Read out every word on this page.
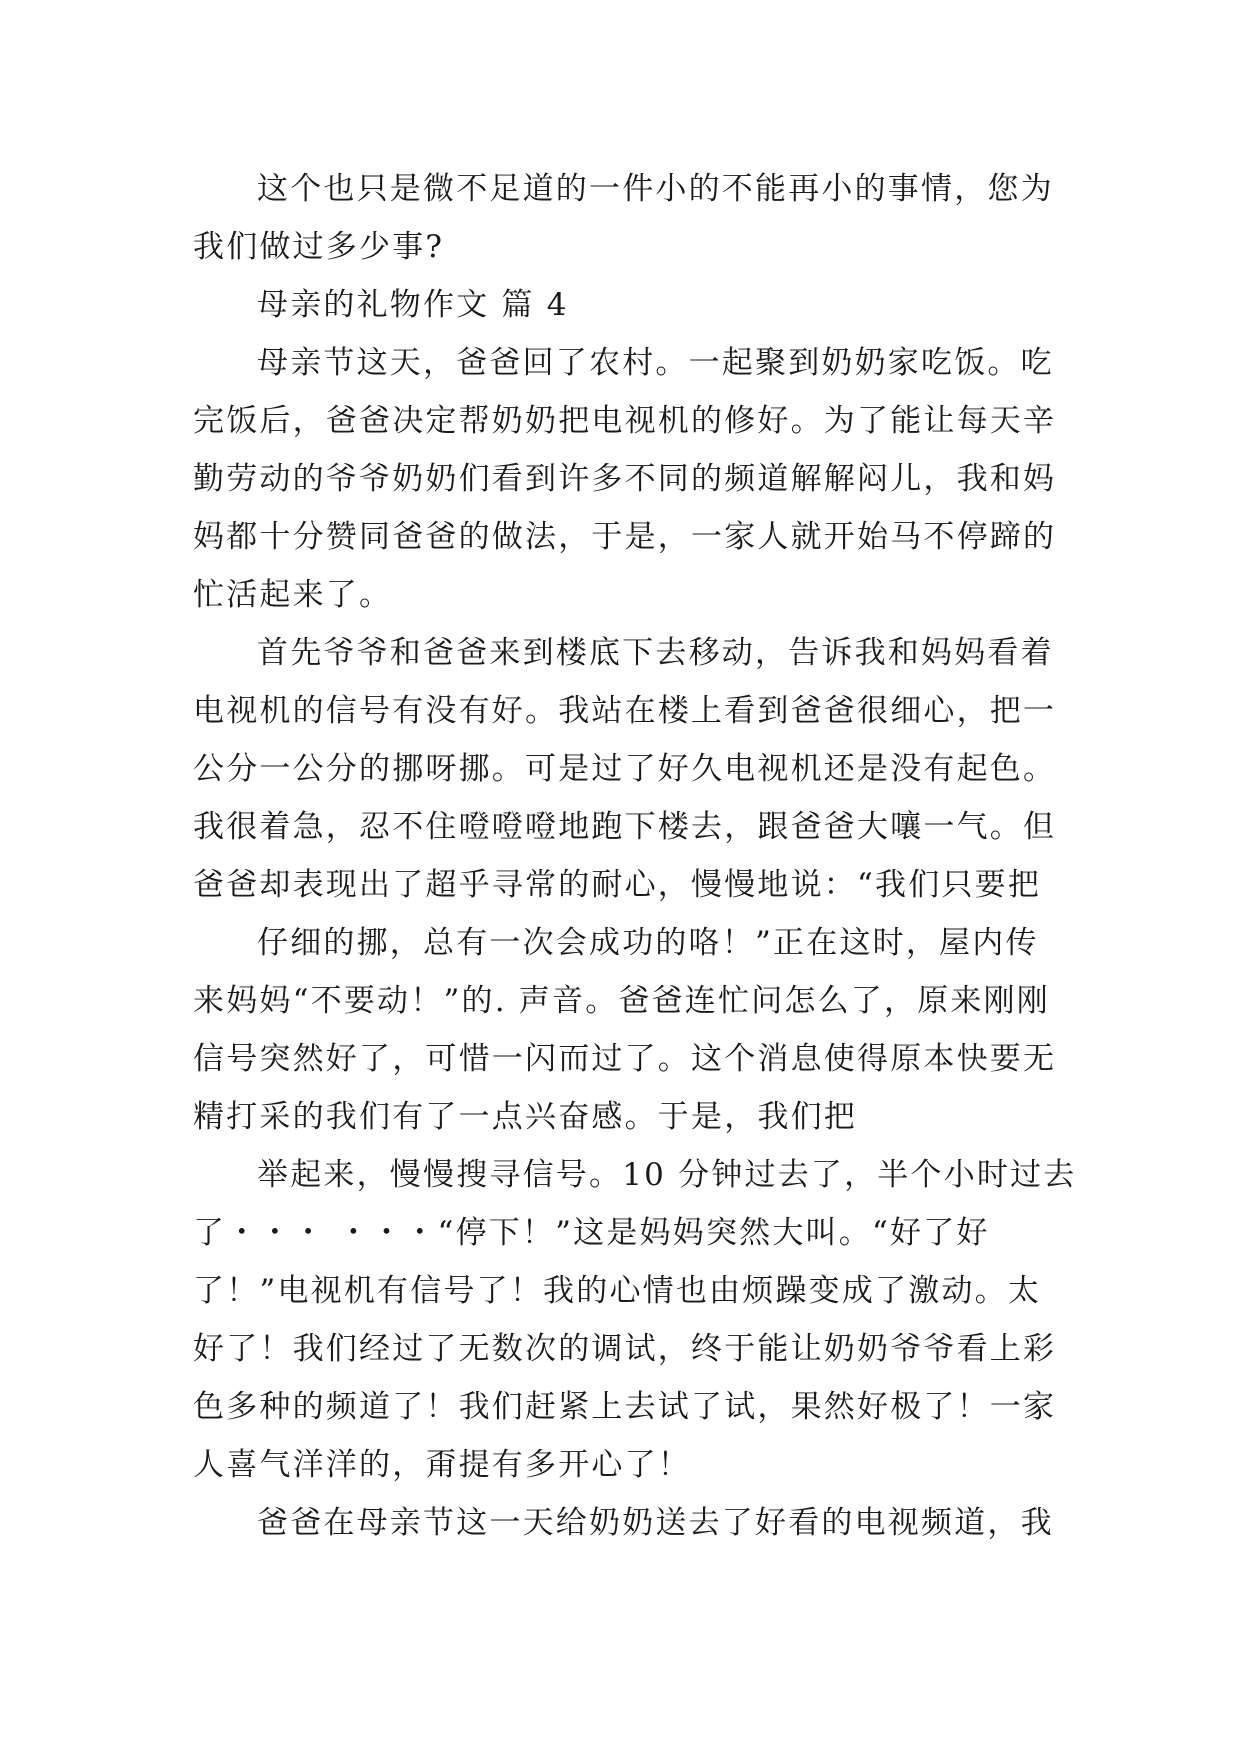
这个也只是微不足道的一件小的不能再小的事情，您为
我们做过多少事?
母亲的礼物作文 篇 4
母亲节这天，爸爸回了农村。一起聚到奶奶家吃饭。吃
完饭后，爸爸决定帮奶奶把电视机的修好。为了能让每天辛
勤劳动的爷爷奶奶们看到许多不同的频道解解闷儿，我和妈
妈都十分赞同爸爸的做法，于是，一家人就开始马不停蹄的
忙活起来了。
首先爷爷和爸爸来到楼底下去移动，告诉我和妈妈看着
电视机的信号有没有好。我站在楼上看到爸爸很细心，把一
公分一公分的挪呀挪。可是过了好久电视机还是没有起色。
我很着急，忍不住噔噔噔地跑下楼去，跟爸爸大嚷一气。但
爸爸却表现出了超乎寻常的耐心，慢慢地说：“我们只要把
仔细的挪，总有一次会成功的咯！”正在这时，屋内传
来妈妈“不要动！”的. 声音。爸爸连忙问怎么了，原来刚刚
信号突然好了，可惜一闪而过了。这个消息使得原本快要无
精打采的我们有了一点兴奋感。于是，我们把
举起来，慢慢搜寻信号。10 分钟过去了，半个小时过去
了・・・ ・・・“停下！”这是妈妈突然大叫。“好了好
了！”电视机有信号了！我的心情也由烦躁变成了激动。太
好了！我们经过了无数次的调试，终于能让奶奶爷爷看上彩
色多种的频道了！我们赶紧上去试了试，果然好极了！一家
人喜气洋洋的，甭提有多开心了！
爸爸在母亲节这一天给奶奶送去了好看的电视频道，我
